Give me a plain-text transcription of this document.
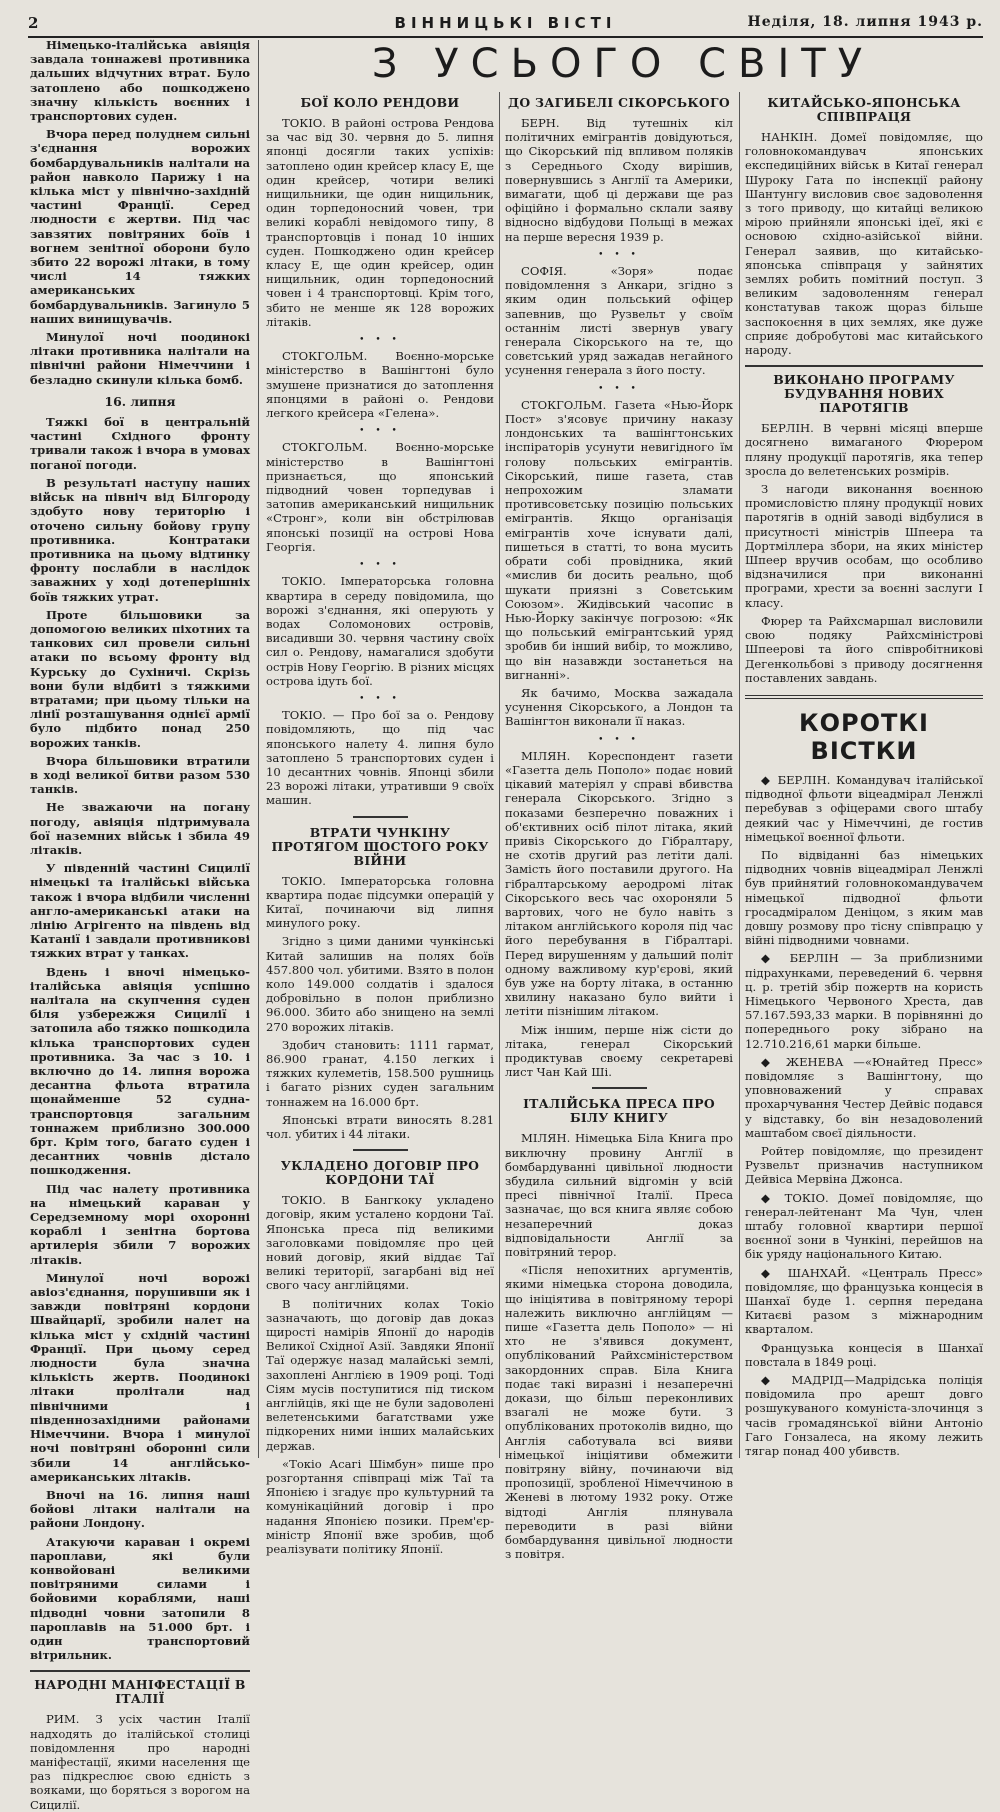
2	ВІННИЦЬКІ ВІСТІ	Неділя, 18. липня 1943 р.
З УСЬОГО СВІТУ

Німецько-італійська авіяція завдала тоннажеві противника дальших відчутних втрат. Було затоплено або пошкоджено значну кількість воєнних і транспортових суден.

Вчора перед полуднем сильні з'єднання ворожих бомбардувальників налітали на район навколо Парижу і на кілька міст у північно-західній частині Франції. Серед людности є жертви. Під час завзятих повітряних боїв і вогнем зенітної оборони було збито 22 ворожі літаки, в тому числі 14 тяжких американських бомбардувальників. Загинуло 5 наших винищувачів.

Минулої ночі поодинокі літаки противника налітали на північні райони Німеччини і безладно скинули кілька бомб.

16. липня

Тяжкі бої в центральній частині Східного фронту тривали також і вчора в умовах поганої погоди.

В результаті наступу наших військ на північ від Білгороду здобуто нову територію і оточено сильну бойову групу противника. Контратаки противника на цьому відтинку фронту послабли в наслідок заважних у ході дотеперішніх боїв тяжких утрат.

Проте більшовики за допомогою великих піхотних та танкових сил провели сильні атаки по всьому фронту від Курську до Сухіничі. Скрізь вони були відбиті з тяжкими втратами; при цьому тільки на лінії розташування однієї армії було підбито понад 250 ворожих танків.

Вчора більшовики втратили в ході великої битви разом 530 танків.

Не зважаючи на погану погоду, авіяція підтримувала бої наземних військ і збила 49 літаків.

У південній частині Сицилії німецькі та італійські війська також і вчора відбили численні англо-американські атаки на лінію Агрігенто на південь від Катанії і завдали противникові тяжких втрат у танках.

Вдень і вночі німецько-італійська авіяція успішно налітала на скупчення суден біля узбережжя Сицилії і затопила або тяжко пошкодила кілька транспортових суден противника. За час з 10. і включно до 14. липня ворожа десантна фльота втратила щонайменше 52 судна-транспортовця загальним тоннажем приблизно 300.000 брт. Крім того, багато суден і десантних човнів дістало пошкодження.

Під час налету противника на німецький караван у Середземному морі охоронні кораблі і зенітна бортова артилерія збили 7 ворожих літаків.

Минулої ночі ворожі авіоз'єднання, порушивши як і завжди повітряні кордони Швайцарії, зробили налет на кілька міст у східній частині Франції. При цьому серед людности була значна кількість жертв. Поодинокі літаки пролітали над північними і південнозахідними районами Німеччини. Вчора і минулої ночі повітряні оборонні сили збили 14 англійсько-американських літаків.

Вночі на 16. липня наші бойові літаки налітали на райони Лондону.

Атакуючи караван і окремі пароплави, які були конвойовані великими повітряними силами і бойовими кораблями, наші підводні човни затопили 8 пароплавів на 51.000 брт. і один транспортовий вітрильник.

НАРОДНІ МАНІФЕСТАЦІЇ В ІТАЛІЇ

РИМ. З усіх частин Італії надходять до італійської столиці повідомлення про народні маніфестації, якими населення ще раз підкреслює свою єдність з вояками, що боряться з ворогом на Сицилії.

БОЇ КОЛО РЕНДОВИ

ТОКІО. В районі острова Рендова за час від 30. червня до 5. липня японці досягли таких успіхів: затоплено один крейсер класу Е, ще один крейсер, чотири великі нищильники, ще один нищильник, один торпедоносний човен, три великі кораблі невідомого типу, 8 транспортовців і понад 10 інших суден. Пошкоджено один крейсер класу Е, ще один крейсер, один нищильник, один торпедоносний човен і 4 транспортовці. Крім того, збито не менше як 128 ворожих літаків.

• • •

СТОКГОЛЬМ. Воєнно-морське міністерство в Вашінгтоні було змушене признатися до затоплення японцями в районі о. Рендови легкого крейсера «Гелена».

• • •

СТОКГОЛЬМ. Воєнно-морське міністерство в Вашінгтоні признається, що японський підводний човен торпедував і затопив американський нищильник «Стронг», коли він обстрілював японські позиції на острові Нова Георгія.

• • •

ТОКІО. Імператорська головна квартира в середу повідомила, що ворожі з'єднання, які оперують у водах Соломонових островів, висадивши 30. червня частину своїх сил о. Рендову, намагалися здобути острів Нову Георгію. В різних місцях острова ідуть бої.

• • •

ТОКІО. — Про бої за о. Рендову повідомляють, що під час японського налету 4. липня було затоплено 5 транспортових суден і 10 десантних човнів. Японці збили 23 ворожі літаки, утративши 9 своїх машин.

ВТРАТИ ЧУНКІНУ ПРОТЯГОМ ШОСТОГО РОКУ ВІЙНИ

ТОКІО. Імператорська головна квартира подає підсумки операцій у Китаї, починаючи від липня минулого року.

Згідно з цими даними чункінські Китай залишив на полях боїв 457.800 чол. убитими. Взято в полон коло 149.000 солдатів і здалося добровільно в полон приблизно 96.000. Збито або знищено на землі 270 ворожих літаків.

Здобич становить: 1111 гармат, 86.900 гранат, 4.150 легких і тяжких кулеметів, 158.500 рушниць і багато різних суден загальним тоннажем на 16.000 брт.

Японські втрати виносять 8.281 чол. убитих і 44 літаки.

УКЛАДЕНО ДОГОВІР ПРО КОРДОНИ ТАЇ

ТОКІО. В Бангкоку укладено договір, яким усталено кордони Таї. Японська преса під великими заголовками повідомляє про цей новий договір, який віддає Таї великі території, загарбані від неї свого часу англійцями.

В політичних колах Токіо зазначають, що договір дав доказ щирості намірів Японії до народів Великої Східної Азії. Завдяки Японії Таї одержує назад малайські землі, захоплені Англією в 1909 році. Тоді Сіям мусів поступитися під тиском англійців, які ще не були задоволені велетенськими багатствами уже підкорених ними інших малайських держав.

«Токіо Асагі Шімбун» пише про розгортання співпраці між Таї та Японією і згадує про культурний та комунікаційний договір і про надання Японією позики. Прем'єр-міністр Японії вже зробив, щоб реалізувати політику Японії.

ДО ЗАГИБЕЛІ СІКОРСЬКОГО

БЕРН. Від тутешніх кіл політичних емігрантів довідуються, що Сікорський під впливом поляків з Середнього Сходу вирішив, повернувшись з Англії та Америки, вимагати, щоб ці держави ще раз офіційно і формально склали заяву відносно відбудови Польщі в межах на перше вересня 1939 р.

• • •

СОФІЯ. «Зоря» подає повідомлення з Анкари, згідно з яким один польський офіцер запевнив, що Рузвельт у своїм останнім листі звернув увагу генерала Сікорського на те, що совєтський уряд зажадав негайного усунення генерала з його посту.

• • •

СТОКГОЛЬМ. Газета «Нью-Йорк Пост» з'ясовує причину наказу лондонських та вашінгтонських інспіраторів усунути невигідного їм голову польських емігрантів. Сікорський, пише газета, став непрохожим зламати противсовєтську позицію польських емігрантів. Якщо організація емігрантів хоче існувати далі, пишеться в статті, то вона мусить обрати собі провідника, який «мислив би досить реально, щоб шукати приязні з Совєтським Союзом». Жидівський часопис в Нью-Йорку закінчує погрозою: «Як що польський емігрантський уряд зробив би інший вибір, то можливо, що він назавжди зостанеться на вигнанні».

Як бачимо, Москва зажадала усунення Сікорського, а Лондон та Вашінгтон виконали її наказ.

• • •

МІЛЯН. Кореспондент газети «Газетта дель Пополо» подає новий цікавий матеріял у справі вбивства генерала Сікорського. Згідно з показами безперечно поважних і об'єктивних осіб пілот літака, який привіз Сікорського до Гібралтару, не схотів другий раз летіти далі. Замість його поставили другого. На гібралтарському аеродромі літак Сікорського весь час охороняли 5 вартових, чого не було навіть з літаком англійського короля під час його перебування в Гібралтарі. Перед вирушенням у дальший політ одному важливому кур'єрові, який був уже на борту літака, в останню хвилину наказано було вийти і летіти пізнішим літаком.

Між іншим, перше ніж сісти до літака, генерал Сікорський продиктував своєму секретареві лист Чан Кай Ші.

ІТАЛІЙСЬКА ПРЕСА ПРО БІЛУ КНИГУ

МІЛЯН. Німецька Біла Книга про виключну провину Англії в бомбардуванні цивільної людности збудила сильний відгомін у всій пресі північної Італії. Преса зазначає, що вся книга являє собою незаперечний доказ відповідальности Англії за повітряний терор.

«Після непохитних аргументів, якими німецька сторона доводила, що ініціятива в повітряному терорі належить виключно англійцям — пише «Газетта дель Пополо» — ні хто не з'явився документ, опублікований Райхсміністерством закордонних справ. Біла Книга подає такі виразні і незаперечні докази, що більш переконливих взагалі не може бути. З опублікованих протоколів видно, що Англія саботувала всі вияви німецької ініціятиви обмежити повітряну війну, починаючи від пропозиції, зробленої Німеччиною в Женеві в лютому 1932 року. Отже відтоді Англія плянувала переводити в разі війни бомбардування цивільної людности з повітря.

КИТАЙСЬКО-ЯПОНСЬКА СПІВПРАЦЯ

НАНКІН. Домеї повідомляє, що головнокомандувач японських експедиційних військ в Китаї генерал Шуроку Гата по інспекції району Шантунгу висловив своє задоволення з того приводу, що китайці великою мірою прийняли японські ідеї, які є основою східно-азійської війни. Генерал заявив, що китайсько-японська співпраця у зайнятих землях робить помітний поступ. З великим задоволенням генерал констатував також щораз більше заспокоєння в цих землях, яке дуже сприяє добробутові мас китайського народу.

ВИКОНАНО ПРОГРАМУ БУДУВАННЯ НОВИХ ПАРОТЯГІВ

БЕРЛІН. В червні місяці вперше досягнено вимаганого Фюрером пляну продукції паротягів, яка тепер зросла до велетенських розмірів.

З нагоди виконання воєнною промисловістю пляну продукції нових паротягів в одній заводі відбулися в присутності міністрів Шпеера та Дортміллера збори, на яких міністер Шпеер вручив особам, що особливо відзначилися при виконанні програми, хрести за воєнні заслуги I класу.

Фюрер та Райхсмаршал висловили свою подяку Райхсміністрові Шпеерові та його співробітникові Дегенкольбові з приводу досягнення поставлених завдань.

КОРОТКІ ВІСТКИ

◆ БЕРЛІН. Командувач італійської підводної фльоти віцеадмірал Ленжлі перебував з офіцерами свого штабу деякий час у Німеччині, де гостив німецької воєнної фльоти.

По відвіданні баз німецьких підводних човнів віцеадмірал Ленжлі був прийнятий головнокомандувачем німецької підводної фльоти гросадміралом Деніцом, з яким мав довшу розмову про тісну співпрацю у війні підводними човнами.

◆ БЕРЛІН — За приблизними підрахунками, переведений 6. червня ц. р. третій збір пожертв на користь Німецького Червоного Хреста, дав 57.167.593,33 марки. В порівнянні до попереднього року зібрано на 12.710.216,61 марки більше.

◆ ЖЕНЕВА —«Юнайтед Пресс» повідомляє з Вашінгтону, що уповноважений у справах прохарчування Честер Дейвіс подався у відставку, бо він незадоволений маштабом своєї діяльности.

Ройтер повідомляє, що президент Рузвельт призначив наступником Дейвіса Мервіна Джонса.

◆ ТОКІО. Домеї повідомляє, що генерал-лейтенант Ма Чун, член штабу головної квартири першої воєнної зони в Чункіні, перейшов на бік уряду національного Китаю.

◆ ШАНХАЙ. «Централь Пресс» повідомляє, що французька концесія в Шанхаї буде 1. серпня передана Китаєві разом з міжнародним кварталом.

Французька концесія в Шанхаї повстала в 1849 році.

◆ МАДРІД—Мадрідська поліція повідомила про арешт довго розшукуваного комуніста-злочинця з часів громадянської війни Антоніо Гаго Гонзалеса, на якому лежить тягар понад 400 убивств.
